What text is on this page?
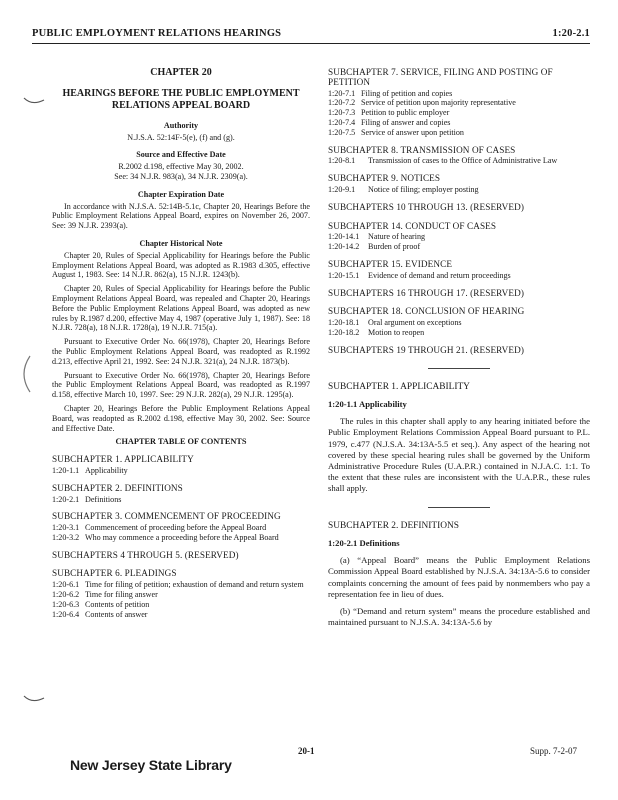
PUBLIC EMPLOYMENT RELATIONS HEARINGS	1:20-2.1
CHAPTER 20
HEARINGS BEFORE THE PUBLIC EMPLOYMENT RELATIONS APPEAL BOARD
Authority
N.J.S.A. 52:14F-5(e), (f) and (g).
Source and Effective Date
R.2002 d.198, effective May 30, 2002.
See: 34 N.J.R. 983(a), 34 N.J.R. 2309(a).
Chapter Expiration Date
In accordance with N.J.S.A. 52:14B-5.1c, Chapter 20, Hearings Before the Public Employment Relations Appeal Board, expires on November 26, 2007. See: 39 N.J.R. 2393(a).
Chapter Historical Note
Chapter 20, Rules of Special Applicability for Hearings before the Public Employment Relations Appeal Board, was adopted as R.1983 d.305, effective August 1, 1983. See: 14 N.J.R. 862(a), 15 N.J.R. 1243(b).
Chapter 20, Rules of Special Applicability for Hearings before the Public Employment Relations Appeal Board, was repealed and Chapter 20, Hearings Before the Public Employment Relations Appeal Board, was adopted as new rules by R.1987 d.200, effective May 4, 1987 (operative July 1, 1987). See: 18 N.J.R. 728(a), 18 N.J.R. 1728(a), 19 N.J.R. 715(a).
Pursuant to Executive Order No. 66(1978), Chapter 20, Hearings Before the Public Employment Relations Appeal Board, was readopted as R.1992 d.213, effective April 21, 1992. See: 24 N.J.R. 321(a), 24 N.J.R. 1873(b).
Pursuant to Executive Order No. 66(1978), Chapter 20, Hearings Before the Public Employment Relations Appeal Board, was readopted as R.1997 d.158, effective March 10, 1997. See: 29 N.J.R. 282(a), 29 N.J.R. 1295(a).
Chapter 20, Hearings Before the Public Employment Relations Appeal Board, was readopted as R.2002 d.198, effective May 30, 2002. See: Source and Effective Date.
CHAPTER TABLE OF CONTENTS
SUBCHAPTER 1. APPLICABILITY
1:20-1.1 Applicability
SUBCHAPTER 2. DEFINITIONS
1:20-2.1 Definitions
SUBCHAPTER 3. COMMENCEMENT OF PROCEEDING
1:20-3.1 Commencement of proceeding before the Appeal Board
1:20-3.2 Who may commence a proceeding before the Appeal Board
SUBCHAPTERS 4 THROUGH 5. (RESERVED)
SUBCHAPTER 6. PLEADINGS
1:20-6.1 Time for filing of petition; exhaustion of demand and return system
1:20-6.2 Time for filing answer
1:20-6.3 Contents of petition
1:20-6.4 Contents of answer
SUBCHAPTER 7. SERVICE, FILING AND POSTING OF PETITION
1:20-7.1 Filing of petition and copies
1:20-7.2 Service of petition upon majority representative
1:20-7.3 Petition to public employer
1:20-7.4 Filing of answer and copies
1:20-7.5 Service of answer upon petition
SUBCHAPTER 8. TRANSMISSION OF CASES
1:20-8.1	Transmission of cases to the Office of Administrative Law
SUBCHAPTER 9. NOTICES
1:20-9.1	Notice of filing; employer posting
SUBCHAPTERS 10 THROUGH 13. (RESERVED)
SUBCHAPTER 14. CONDUCT OF CASES
1:20-14.1	Nature of hearing
1:20-14.2	Burden of proof
SUBCHAPTER 15. EVIDENCE
1:20-15.1	Evidence of demand and return proceedings
SUBCHAPTERS 16 THROUGH 17. (RESERVED)
SUBCHAPTER 18. CONCLUSION OF HEARING
1:20-18.1	Oral argument on exceptions
1:20-18.2	Motion to reopen
SUBCHAPTERS 19 THROUGH 21. (RESERVED)
SUBCHAPTER 1. APPLICABILITY
1:20-1.1 Applicability
The rules in this chapter shall apply to any hearing initiated before the Public Employment Relations Commission Appeal Board pursuant to P.L. 1979, c.477 (N.J.S.A. 34:13A-5.5 et seq.). Any aspect of the hearing not covered by these special hearing rules shall be governed by the Uniform Administrative Procedure Rules (U.A.P.R.) contained in N.J.A.C. 1:1. To the extent that these rules are inconsistent with the U.A.P.R., these rules shall apply.
SUBCHAPTER 2. DEFINITIONS
1:20-2.1 Definitions
(a) “Appeal Board” means the Public Employment Relations Commission Appeal Board established by N.J.S.A. 34:13A-5.6 to consider complaints concerning the amount of fees paid by nonmembers who pay a representation fee in lieu of dues.
(b) “Demand and return system” means the procedure established and maintained pursuant to N.J.S.A. 34:13A-5.6 by
20-1	Supp. 7-2-07
New Jersey State Library
